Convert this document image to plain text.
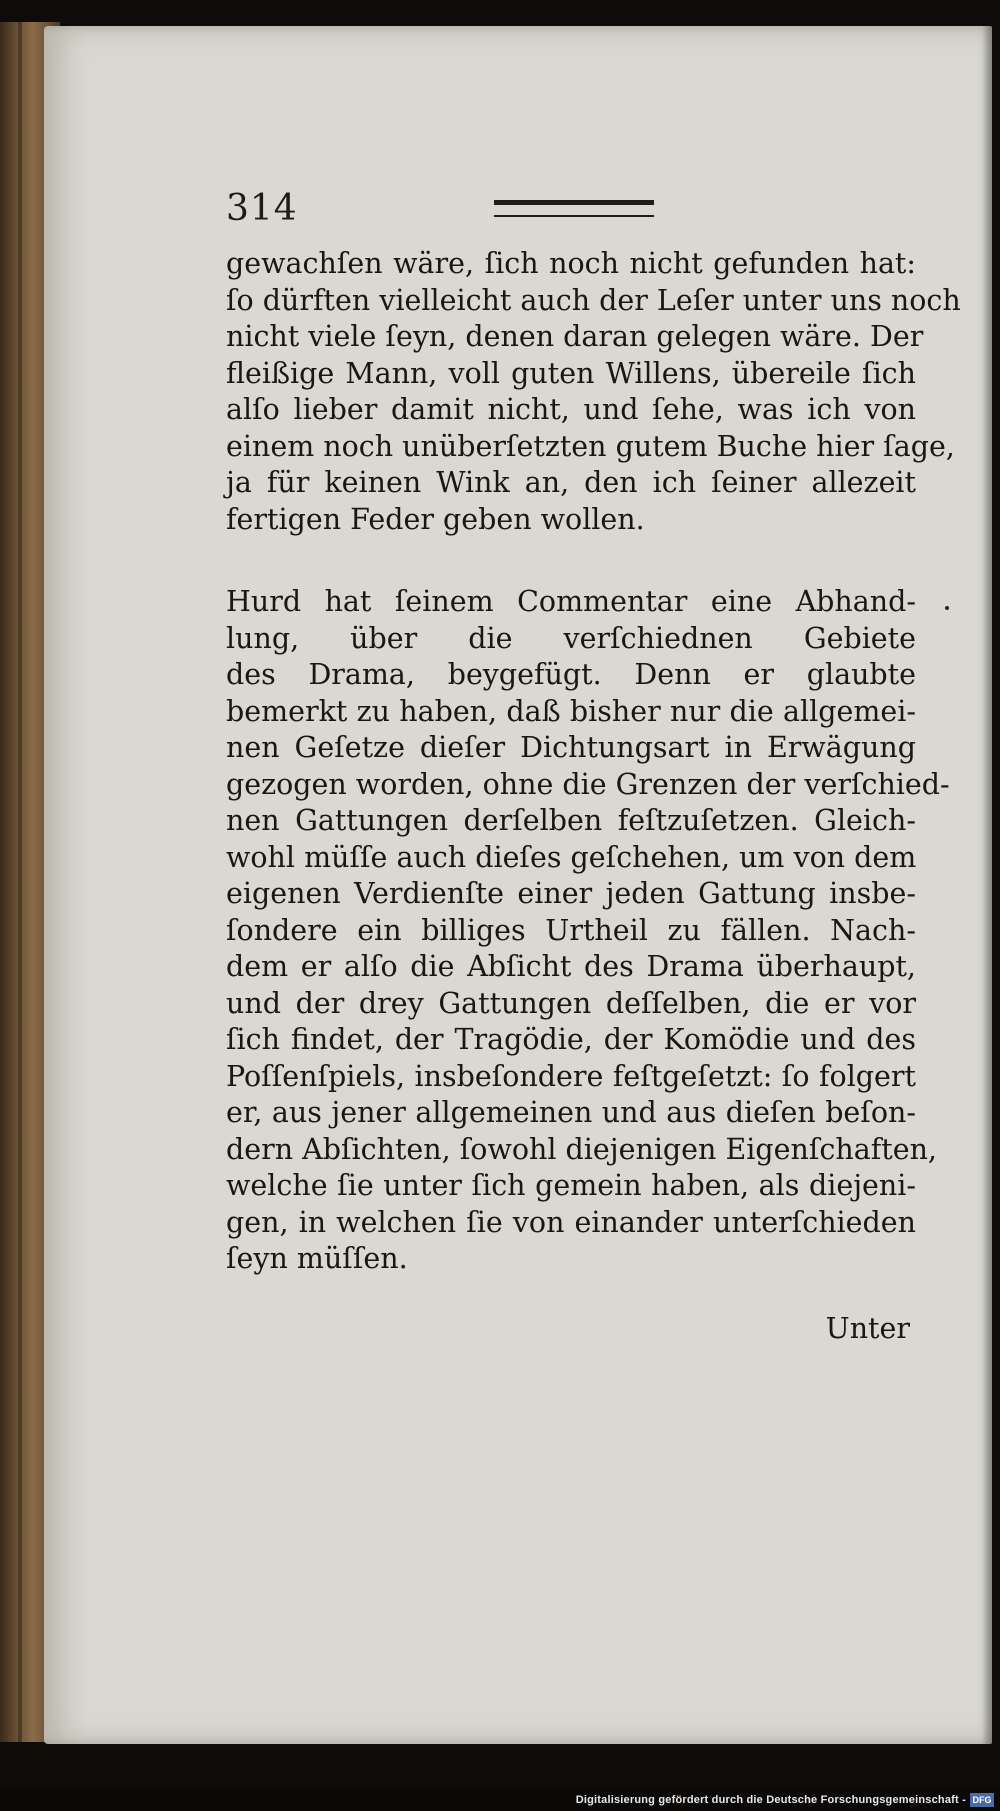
314
gewachſen wäre, ſich noch nicht gefunden hat:
ſo dürften vielleicht auch der Leſer unter uns noch
nicht viele ſeyn, denen daran gelegen wäre. Der
fleißige Mann, voll guten Willens, übereile ſich
alſo lieber damit nicht, und ſehe, was ich von
einem noch unüberſetzten gutem Buche hier ſage,
ja für keinen Wink an, den ich ſeiner allezeit
fertigen Feder geben wollen.
Hurd hat ſeinem Commentar eine Abhand-
lung, über die verſchiednen Gebiete
des Drama, beygefügt. Denn er glaubte
bemerkt zu haben, daß bisher nur die allgemei-
nen Geſetze dieſer Dichtungsart in Erwägung
gezogen worden, ohne die Grenzen der verſchied-
nen Gattungen derſelben feſtzuſetzen. Gleich-
wohl müſſe auch dieſes geſchehen, um von dem
eigenen Verdienſte einer jeden Gattung insbe-
ſondere ein billiges Urtheil zu fällen. Nach-
dem er alſo die Abſicht des Drama überhaupt,
und der drey Gattungen deſſelben, die er vor
ſich findet, der Tragödie, der Komödie und des
Poſſenſpiels, insbeſondere feſtgeſetzt: ſo folgert
er, aus jener allgemeinen und aus dieſen beſon-
dern Abſichten, ſowohl diejenigen Eigenſchaften,
welche ſie unter ſich gemein haben, als diejeni-
gen, in welchen ſie von einander unterſchieden
ſeyn müſſen.
Unter
Digitalisierung gefördert durch die Deutsche Forschungsgemeinschaft - DFG
